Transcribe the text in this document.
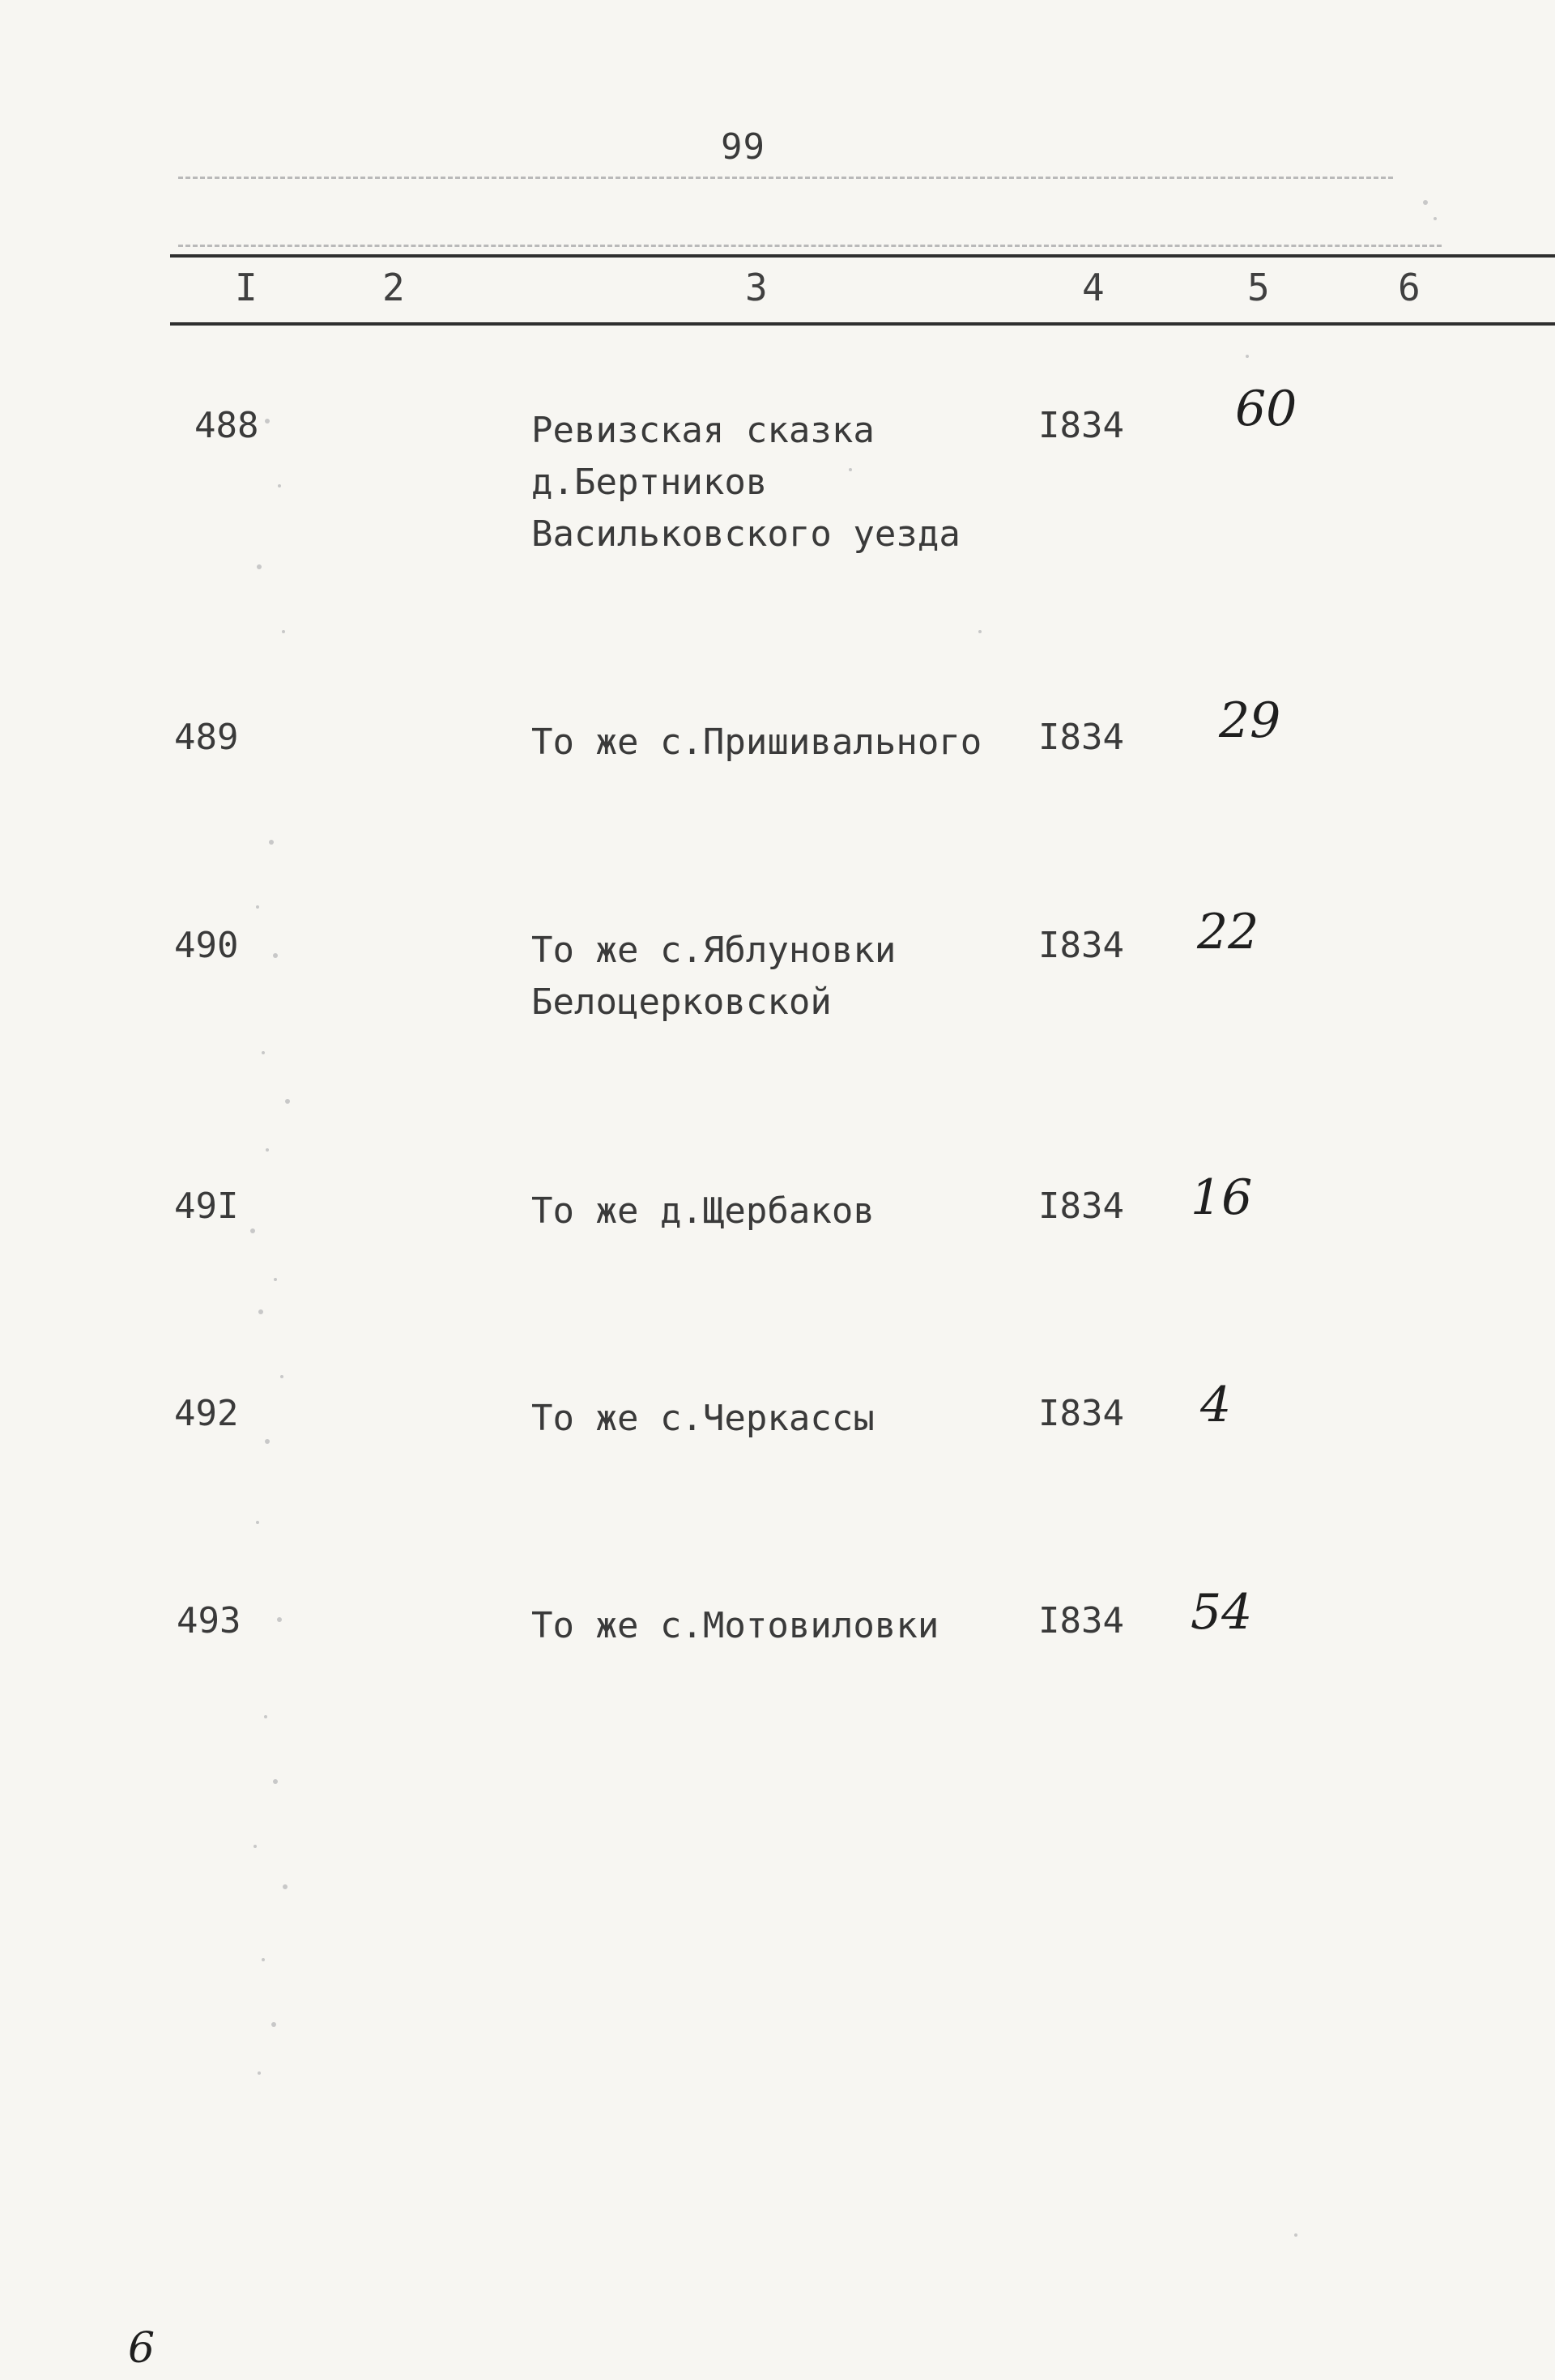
99
I	2	3	4	5	6
488	Ревизская сказка
д.Бертников
Васильковского уезда
I834 60
489	То же с.Пришивального	I834 29
490	То же с.Яблуновки
Белоцерковской
I834 22
49I	То же д.Щербаков	I834 16
492	То же с.Черкассы	I834 4
493	То же с.Мотовиловки	I834 54
6
